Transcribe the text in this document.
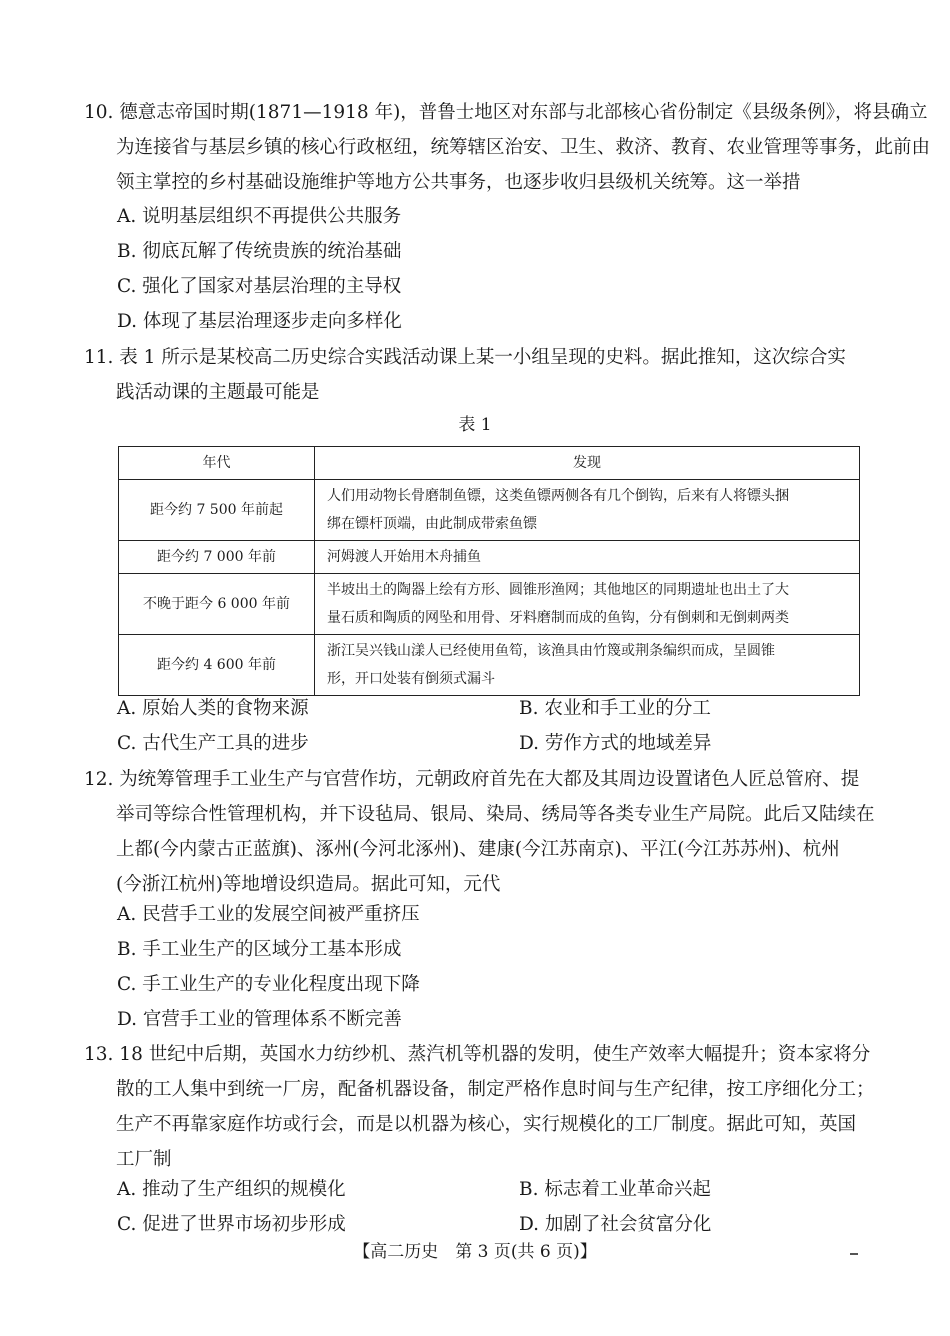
10. 德意志帝国时期(1871—1918 年)，普鲁士地区对东部与北部核心省份制定《县级条例》，将县确立
为连接省与基层乡镇的核心行政枢纽，统筹辖区治安、卫生、救济、教育、农业管理等事务，此前由
领主掌控的乡村基础设施维护等地方公共事务，也逐步收归县级机关统筹。这一举措
A. 说明基层组织不再提供公共服务
B. 彻底瓦解了传统贵族的统治基础
C. 强化了国家对基层治理的主导权
D. 体现了基层治理逐步走向多样化
11. 表 1 所示是某校高二历史综合实践活动课上某一小组呈现的史料。据此推知，这次综合实
践活动课的主题最可能是
表 1
年代	发现
距今约 7 500 年前起	人们用动物长骨磨制鱼镖，这类鱼镖两侧各有几个倒钩，后来有人将镖头捆
绑在镖杆顶端，由此制成带索鱼镖

距今约 7 000 年前	河姆渡人开始用木舟捕鱼

不晚于距今 6 000 年前	半坡出土的陶器上绘有方形、圆锥形渔网；其他地区的同期遗址也出土了大
量石质和陶质的网坠和用骨、牙料磨制而成的鱼钩，分有倒刺和无倒刺两类

距今约 4 600 年前	浙江吴兴钱山漾人已经使用鱼笱，该渔具由竹篾或荆条编织而成，呈圆锥
形，开口处装有倒须式漏斗
A. 原始人类的食物来源	B. 农业和手工业的分工
C. 古代生产工具的进步	D. 劳作方式的地域差异
12. 为统筹管理手工业生产与官营作坊，元朝政府首先在大都及其周边设置诸色人匠总管府、提
举司等综合性管理机构，并下设毡局、银局、染局、绣局等各类专业生产局院。此后又陆续在
上都(今内蒙古正蓝旗)、涿州(今河北涿州)、建康(今江苏南京)、平江(今江苏苏州)、杭州
(今浙江杭州)等地增设织造局。据此可知，元代
A. 民营手工业的发展空间被严重挤压
B. 手工业生产的区域分工基本形成
C. 手工业生产的专业化程度出现下降
D. 官营手工业的管理体系不断完善
13. 18 世纪中后期，英国水力纺纱机、蒸汽机等机器的发明，使生产效率大幅提升；资本家将分
散的工人集中到统一厂房，配备机器设备，制定严格作息时间与生产纪律，按工序细化分工；
生产不再靠家庭作坊或行会，而是以机器为核心，实行规模化的工厂制度。据此可知，英国
工厂制
A. 推动了生产组织的规模化	B. 标志着工业革命兴起
C. 促进了世界市场初步形成	D. 加剧了社会贫富分化
【高二历史　第 3 页(共 6 页)】
